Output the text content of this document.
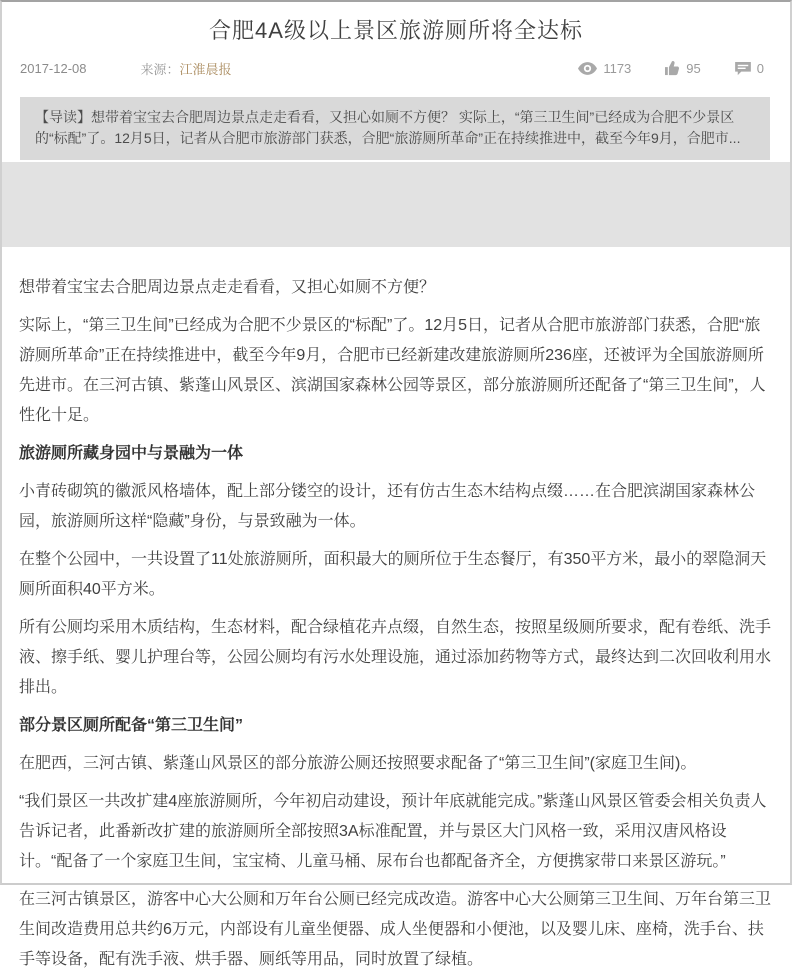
合肥4A级以上景区旅游厕所将全达标
2017-12-08	来源： 江淮晨报	1173	95	0
【导读】想带着宝宝去合肥周边景点走走看看，又担心如厕不方便？ 实际上，“第三卫生间”已经成为合肥不少景区的“标配”了。12月5日，记者从合肥市旅游部门获悉，合肥“旅游厕所革命”正在持续推进中，截至今年9月，合肥市...

想带着宝宝去合肥周边景点走走看看，又担心如厕不方便？

实际上，“第三卫生间”已经成为合肥不少景区的“标配”了。12月5日，记者从合肥市旅游部门获悉，合肥“旅游厕所革命”正在持续推进中，截至今年9月，合肥市已经新建改建旅游厕所236座，还被评为全国旅游厕所先进市。在三河古镇、紫蓬山风景区、滨湖国家森林公园等景区，部分旅游厕所还配备了“第三卫生间”，人性化十足。

旅游厕所藏身园中与景融为一体

小青砖砌筑的徽派风格墙体，配上部分镂空的设计，还有仿古生态木结构点缀……在合肥滨湖国家森林公园，旅游厕所这样“隐藏”身份，与景致融为一体。

在整个公园中，一共设置了11处旅游厕所，面积最大的厕所位于生态餐厅，有350平方米，最小的翠隐洞天厕所面积40平方米。

所有公厕均采用木质结构，生态材料，配合绿植花卉点缀，自然生态，按照星级厕所要求，配有卷纸、洗手液、擦手纸、婴儿护理台等，公园公厕均有污水处理设施，通过添加药物等方式，最终达到二次回收利用水排出。

部分景区厕所配备“第三卫生间”

在肥西，三河古镇、紫蓬山风景区的部分旅游公厕还按照要求配备了“第三卫生间”(家庭卫生间)。

“我们景区一共改扩建4座旅游厕所，今年初启动建设，预计年底就能完成。”紫蓬山风景区管委会相关负责人告诉记者，此番新改扩建的旅游厕所全部按照3A标准配置，并与景区大门风格一致，采用汉唐风格设计。“配备了一个家庭卫生间，宝宝椅、儿童马桶、尿布台也都配备齐全，方便携家带口来景区游玩。”

在三河古镇景区，游客中心大公厕和万年台公厕已经完成改造。游客中心大公厕第三卫生间、万年台第三卫生间改造费用总共约6万元，内部设有儿童坐便器、成人坐便器和小便池，以及婴儿床、座椅，洗手台、扶手等设备，配有洗手液、烘手器、厕纸等用品，同时放置了绿植。
